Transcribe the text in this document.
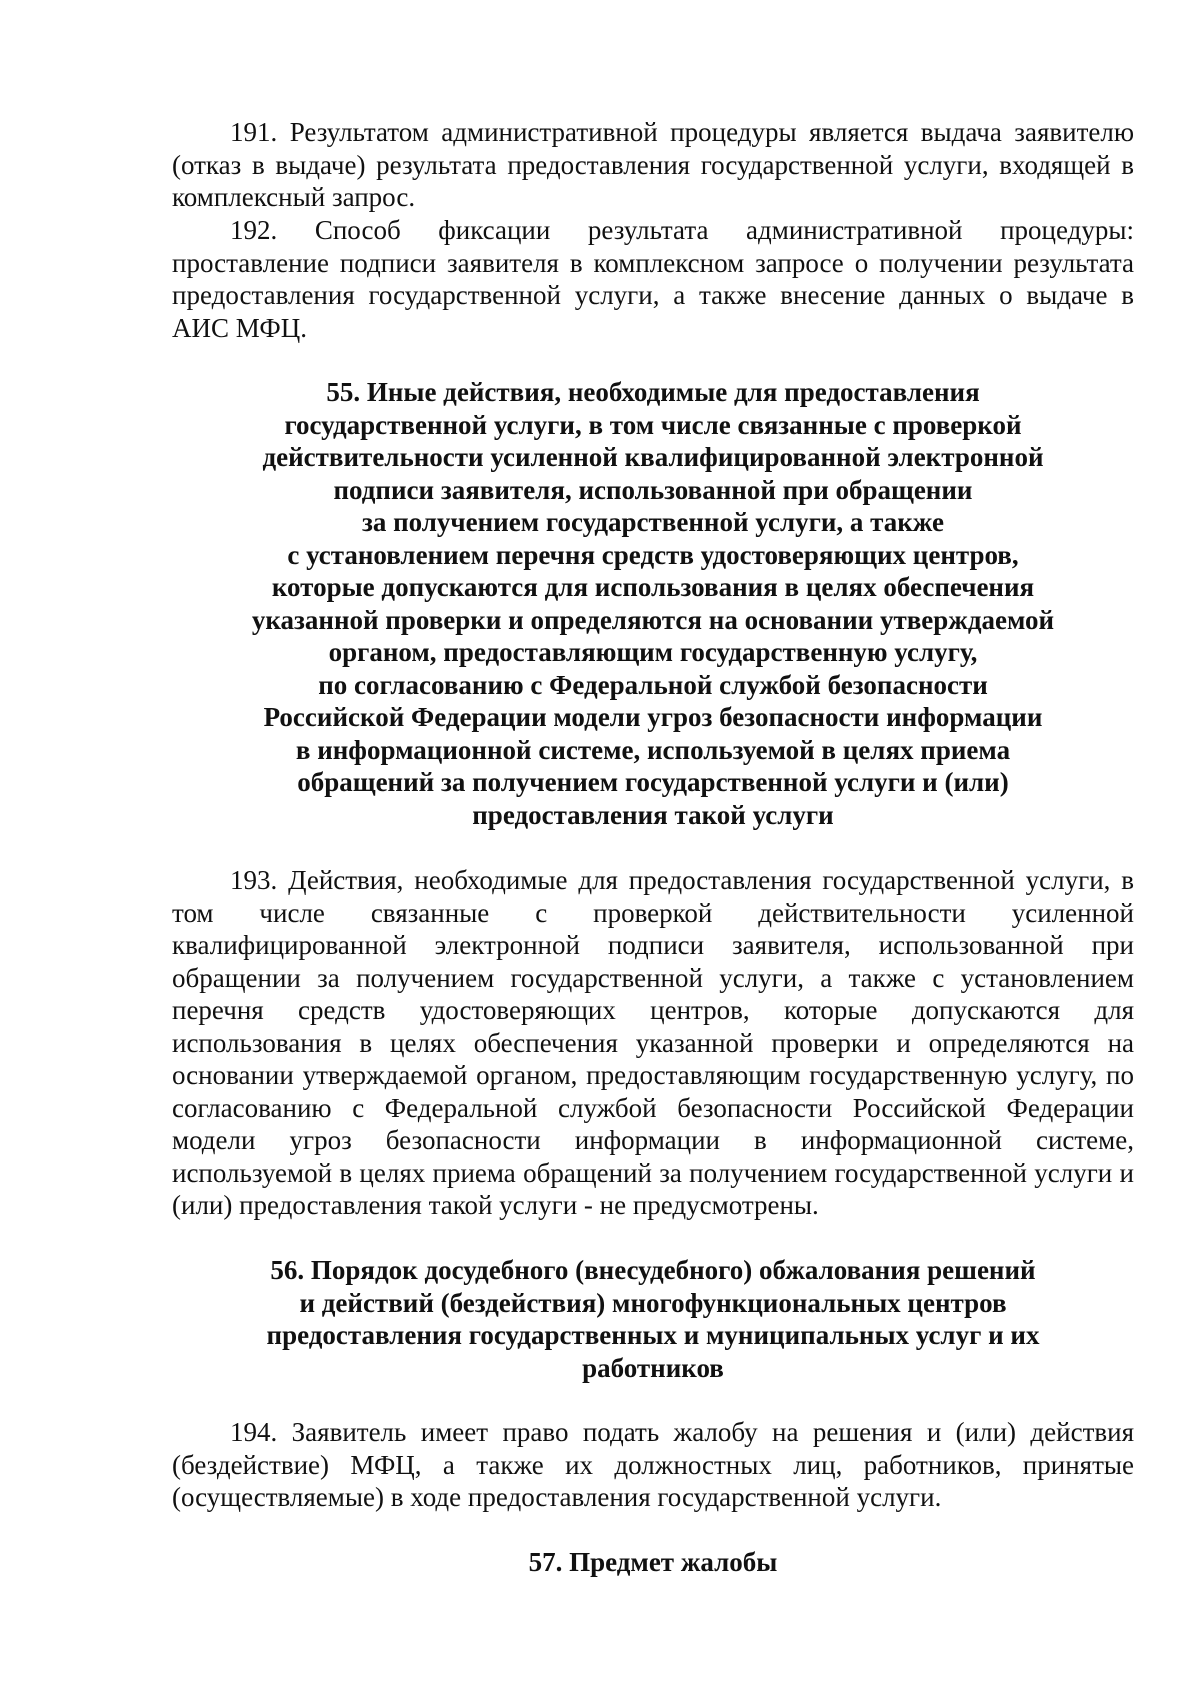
191. Результатом административной процедуры является выдача заявителю (отказ в выдаче) результата предоставления государственной услуги, входящей в комплексный запрос.

192. Способ фиксации результата административной процедуры: проставление подписи заявителя в комплексном запросе о получении результата предоставления государственной услуги, а также внесение данных о выдаче в АИС МФЦ.

55. Иные действия, необходимые для предоставления
государственной услуги, в том числе связанные с проверкой
действительности усиленной квалифицированной электронной
подписи заявителя, использованной при обращении
за получением государственной услуги, а также
с установлением перечня средств удостоверяющих центров,
которые допускаются для использования в целях обеспечения
указанной проверки и определяются на основании утверждаемой
органом, предоставляющим государственную услугу,
по согласованию с Федеральной службой безопасности
Российской Федерации модели угроз безопасности информации
в информационной системе, используемой в целях приема
обращений за получением государственной услуги и (или)
предоставления такой услуги

193. Действия, необходимые для предоставления государственной услуги, в том числе связанные с проверкой действительности усиленной квалифицированной электронной подписи заявителя, использованной при обращении за получением государственной услуги, а также с установлением перечня средств удостоверяющих центров, которые допускаются для использования в целях обеспечения указанной проверки и определяются на основании утверждаемой органом, предоставляющим государственную услугу, по согласованию с Федеральной службой безопасности Российской Федерации модели угроз безопасности информации в информационной системе, используемой в целях приема обращений за получением государственной услуги и (или) предоставления такой услуги - не предусмотрены.

56. Порядок досудебного (внесудебного) обжалования решений
и действий (бездействия) многофункциональных центров
предоставления государственных и муниципальных услуг и их
работников

194. Заявитель имеет право подать жалобу на решения и (или) действия (бездействие) МФЦ, а также их должностных лиц, работников, принятые (осуществляемые) в ходе предоставления государственной услуги.

57. Предмет жалобы
